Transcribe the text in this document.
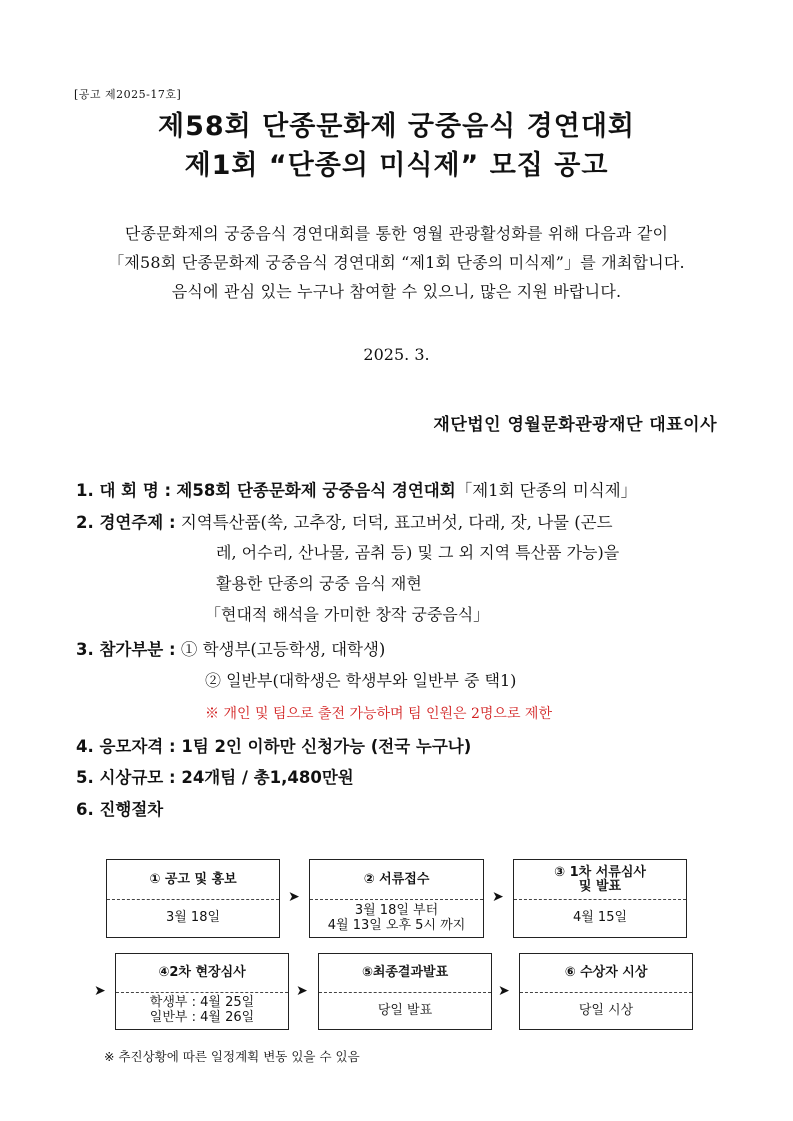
[공고 제2025-17호]
제58회 단종문화제 궁중음식 경연대회
제1회 “단종의 미식제” 모집 공고
단종문화제의 궁중음식 경연대회를 통한 영월 관광활성화를 위해 다음과 같이
「제58회 단종문화제 궁중음식 경연대회 “제1회 단종의 미식제”」를 개최합니다.
음식에 관심 있는 누구나 참여할 수 있으니, 많은 지원 바랍니다.
2025. 3.
재단법인 영월문화관광재단 대표이사
1. 대 회 명 : 제58회 단종문화제 궁중음식 경연대회「제1회 단종의 미식제」
2. 경연주제 : 지역특산품(쑥, 고추장, 더덕, 표고버섯, 다래, 잣, 나물 (곤드
레, 어수리, 산나물, 곰취 등) 및 그 외 지역 특산품 가능)을
활용한 단종의 궁중 음식 재현
「현대적 해석을 가미한 창작 궁중음식」
3. 참가부분 : ① 학생부(고등학생, 대학생)
② 일반부(대학생은 학생부와 일반부 중 택1)
※ 개인 및 팀으로 출전 가능하며 팀 인원은 2명으로 제한
4. 응모자격 : 1팀 2인 이하만 신청가능 (전국 누구나)
5. 시상규모 : 24개팀 / 총1,480만원
6. 진행절차
① 공고 및 홍보
3월 18일
➤
② 서류접수
3월 18일 부터
4월 13일 오후 5시 까지
➤
③ 1차 서류심사
및 발표
4월 15일
➤
④2차 현장심사
학생부 : 4월 25일
일반부 : 4월 26일
➤
⑤최종결과발표
당일 발표
➤
⑥ 수상자 시상
당일 시상
※ 추진상황에 따른 일정계획 변동 있을 수 있음
